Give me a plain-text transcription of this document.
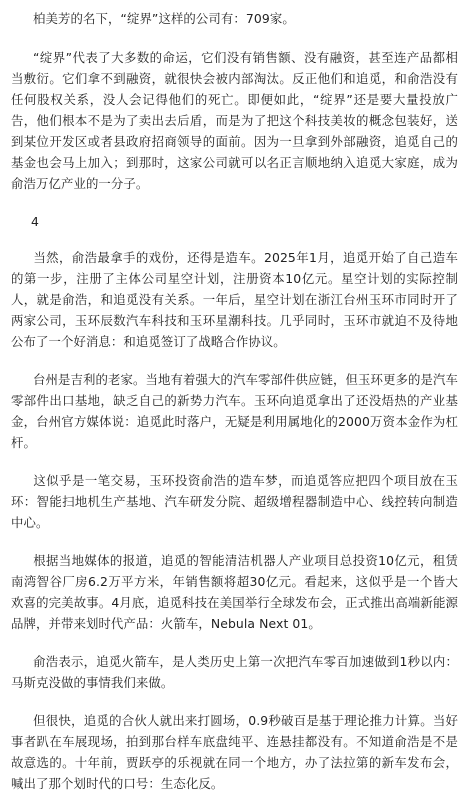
柏美芳的名下，“绽界”这样的公司有：709家。

“绽界”代表了大多数的命运，它们没有销售额、没有融资，甚至连产品都相当敷衍。它们拿不到融资，就很快会被内部淘汰。反正他们和追觅，和俞浩没有任何股权关系，没人会记得他们的死亡。即便如此，“绽界”还是要大量投放广告，他们根本不是为了卖出去后盾，而是为了把这个科技美妆的概念包装好，送到某位开发区或者县政府招商领导的面前。因为一旦拿到外部融资，追觅自己的基金也会马上加入；到那时，这家公司就可以名正言顺地纳入追觅大家庭，成为俞浩万亿产业的一分子。

4

当然，俞浩最拿手的戏份，还得是造车。2025年1月，追觅开始了自己造车的第一步，注册了主体公司星空计划，注册资本10亿元。星空计划的实际控制人，就是俞浩，和追觅没有关系。一年后，星空计划在浙江台州玉环市同时开了两家公司，玉环辰数汽车科技和玉环星潮科技。几乎同时，玉环市就迫不及待地公布了一个好消息：和追觅签订了战略合作协议。

台州是吉利的老家。当地有着强大的汽车零部件供应链，但玉环更多的是汽车零部件出口基地，缺乏自己的新势力汽车。玉环向追觅拿出了还没焐热的产业基金，台州官方媒体说：追觅此时落户，无疑是利用属地化的2000万资本金作为杠杆。

这似乎是一笔交易，玉环投资俞浩的造车梦，而追觅答应把四个项目放在玉环：智能扫地机生产基地、汽车研发分院、超级增程器制造中心、线控转向制造中心。

根据当地媒体的报道，追觅的智能清洁机器人产业项目总投资10亿元，租赁南湾智谷厂房6.2万平方米，年销售额将超30亿元。看起来，这似乎是一个皆大欢喜的完美故事。4月底，追觅科技在美国举行全球发布会，正式推出高端新能源品牌，并带来划时代产品：火箭车，Nebula Next 01。

俞浩表示，追觅火箭车，是人类历史上第一次把汽车零百加速做到1秒以内：马斯克没做的事情我们来做。

但很快，追觅的合伙人就出来打圆场，0.9秒破百是基于理论推力计算。当好事者趴在车展现场，拍到那台样车底盘纯平、连悬挂都没有。不知道俞浩是不是故意选的。十年前，贾跃亭的乐视就在同一个地方，办了法拉第的新车发布会，喊出了那个划时代的口号：生态化反。
